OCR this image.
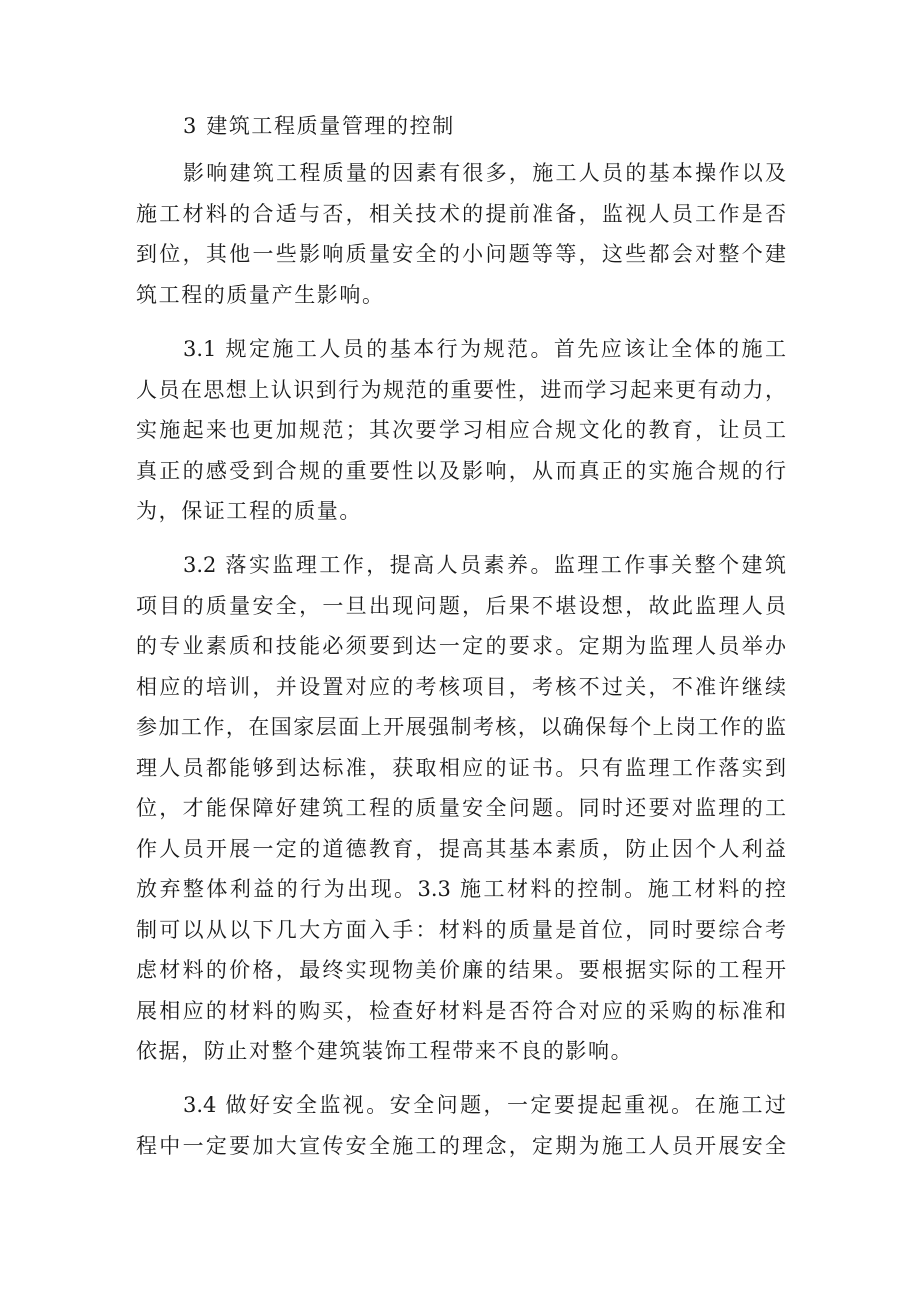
3 建筑工程质量管理的控制
影响建筑工程质量的因素有很多，施工人员的基本操作以及
施工材料的合适与否，相关技术的提前准备，监视人员工作是否
到位，其他一些影响质量安全的小问题等等，这些都会对整个建
筑工程的质量产生影响。
3.1 规定施工人员的基本行为规范。首先应该让全体的施工
人员在思想上认识到行为规范的重要性，进而学习起来更有动力，
实施起来也更加规范；其次要学习相应合规文化的教育，让员工
真正的感受到合规的重要性以及影响，从而真正的实施合规的行
为，保证工程的质量。
3.2 落实监理工作，提高人员素养。监理工作事关整个建筑
项目的质量安全，一旦出现问题，后果不堪设想，故此监理人员
的专业素质和技能必须要到达一定的要求。定期为监理人员举办
相应的培训，并设置对应的考核项目，考核不过关，不准许继续
参加工作，在国家层面上开展强制考核，以确保每个上岗工作的监
理人员都能够到达标准，获取相应的证书。只有监理工作落实到
位，才能保障好建筑工程的质量安全问题。同时还要对监理的工
作人员开展一定的道德教育，提高其基本素质，防止因个人利益
放弃整体利益的行为出现。3.3 施工材料的控制。施工材料的控
制可以从以下几大方面入手：材料的质量是首位，同时要综合考
虑材料的价格，最终实现物美价廉的结果。要根据实际的工程开
展相应的材料的购买，检查好材料是否符合对应的采购的标准和
依据，防止对整个建筑装饰工程带来不良的影响。
3.4 做好安全监视。安全问题，一定要提起重视。在施工过
程中一定要加大宣传安全施工的理念，定期为施工人员开展安全
